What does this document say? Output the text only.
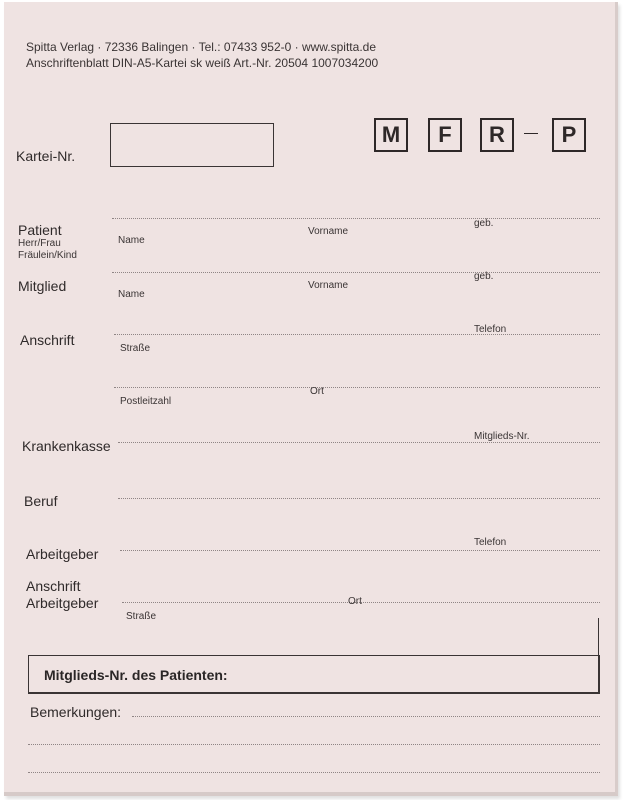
Spitta Verlag · 72336 Balingen · Tel.: 07433 952-0 · www.spitta.de
Anschriftenblatt DIN-A5-Kartei sk weiß Art.-Nr. 20504 1007034200
Kartei-Nr.
M	F	R	P
Patient
Herr/Frau
Fräulein/Kind
Name
Vorname
geb.
Mitglied
Name
Vorname
geb.
Anschrift
Straße
Telefon
Postleitzahl
Ort
Krankenkasse
Mitglieds-Nr.
Beruf
Arbeitgeber
Telefon
Anschrift
Arbeitgeber
Straße
Ort
Mitglieds-Nr. des Patienten:
Bemerkungen:
